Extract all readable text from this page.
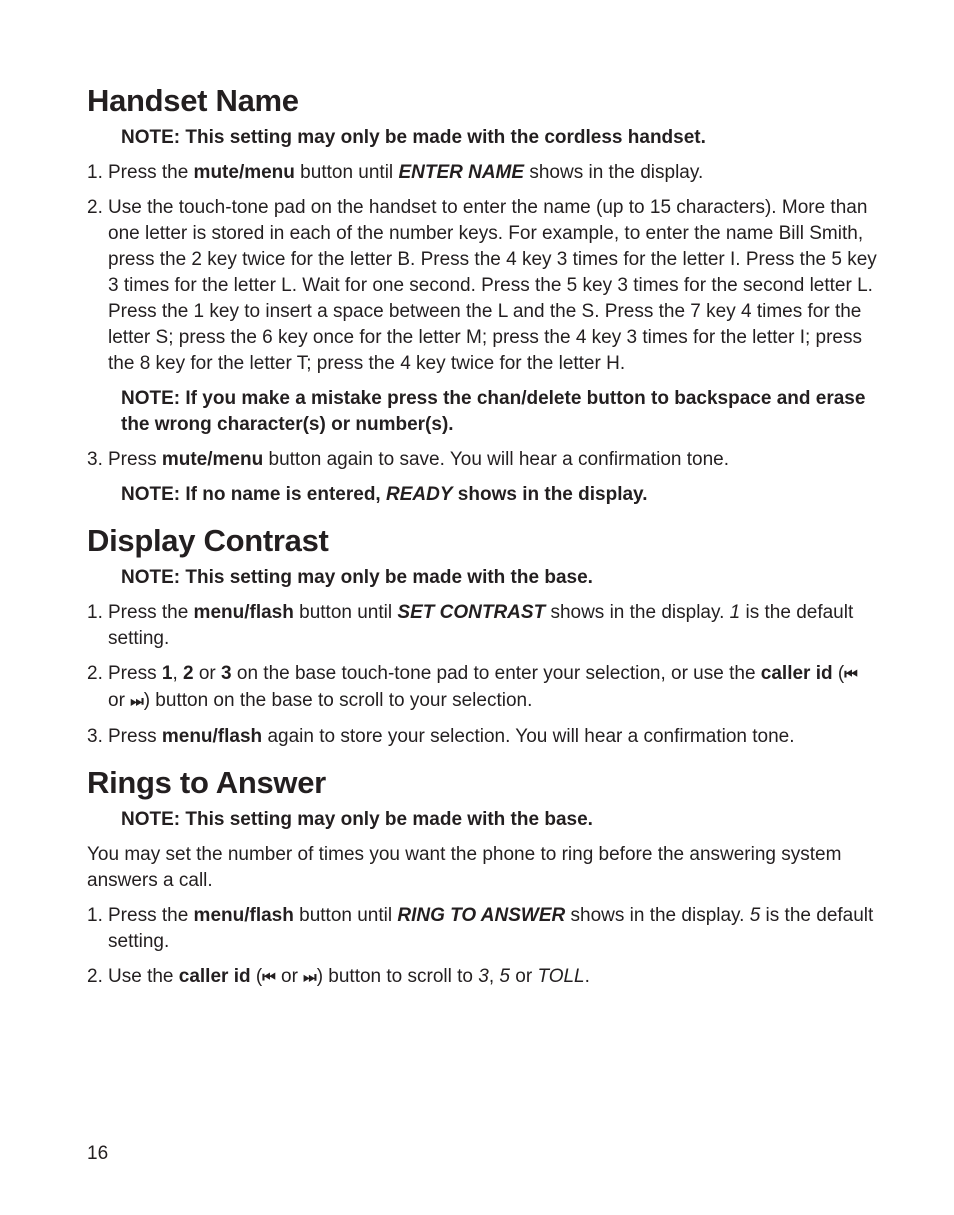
Handset Name

NOTE: This setting may only be made with the cordless handset.

1. Press the mute/menu button until ENTER NAME shows in the display.
2. Use the touch-tone pad on the handset to enter the name (up to 15 characters). More than one letter is stored in each of the number keys. For example, to enter the name Bill Smith, press the 2 key twice for the letter B. Press the 4 key 3 times for the letter I. Press the 5 key 3 times for the letter L. Wait for one second. Press the 5 key 3 times for the second letter L. Press the 1 key to insert a space between the L and the S. Press the 7 key 4 times for the letter S; press the 6 key once for the letter M; press the 4 key 3 times for the letter I; press the 8 key for the letter T; press the 4 key twice for the letter H.

NOTE: If you make a mistake press the chan/delete button to backspace and erase the wrong character(s) or number(s).

3. Press mute/menu button again to save. You will hear a confirmation tone.

NOTE: If no name is entered, READY shows in the display.

Display Contrast

NOTE: This setting may only be made with the base.

1. Press the menu/flash button until SET CONTRAST shows in the display. 1 is the default setting.
2. Press 1, 2 or 3 on the base touch-tone pad to enter your selection, or use the caller id (⏮ or ⏭ ) button on the base to scroll to your selection.
3. Press menu/flash again to store your selection. You will hear a confirmation tone.
Rings to Answer

NOTE: This setting may only be made with the base.

You may set the number of times you want the phone to ring before the answering system answers a call.

1. Press the menu/flash button until RING TO ANSWER shows in the display. 5 is the default setting.
2. Use the caller id (⏮ or ⏭ ) button to scroll to 3, 5 or TOLL.
16
